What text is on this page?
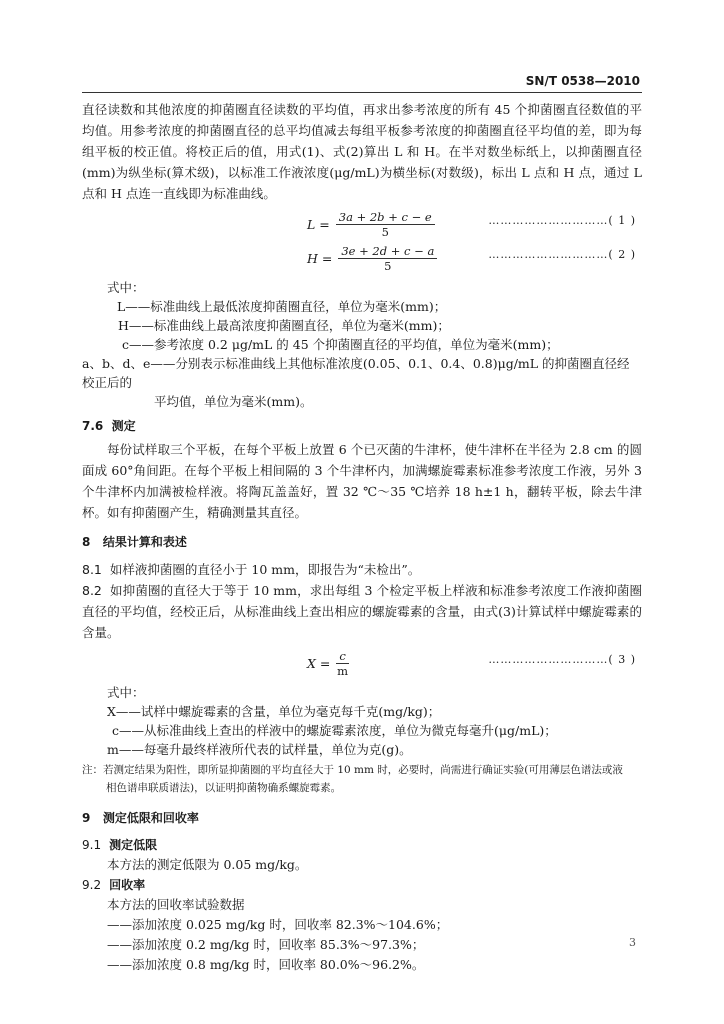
SN/T 0538—2010

直径读数和其他浓度的抑菌圈直径读数的平均值，再求出参考浓度的所有 45 个抑菌圈直径数值的平均值。用参考浓度的抑菌圈直径的总平均值减去每组平板参考浓度的抑菌圈直径平均值的差，即为每组平板的校正值。将校正后的值，用式(1)、式(2)算出 L 和 H。在半对数坐标纸上，以抑菌圈直径(mm)为纵坐标(算术级)，以标准工作液浓度(μg/mL)为横坐标(对数级)，标出 L 点和 H 点，通过 L 点和 H 点连一直线即为标准曲线。

$L = \frac{3a + 2b + c - e}{5}$	…………………………( 1 )
$H = \frac{3e + 2d + c - a}{5}$	…………………………( 2 )
式中：
L——标准曲线上最低浓度抑菌圈直径，单位为毫米(mm)；
H——标准曲线上最高浓度抑菌圈直径，单位为毫米(mm)；
c——参考浓度 0.2 μg/mL 的 45 个抑菌圈直径的平均值，单位为毫米(mm)；
a、b、d、e——分别表示标准曲线上其他标准浓度(0.05、0.1、0.4、0.8)μg/mL 的抑菌圈直径经校正后的
平均值，单位为毫米(mm)。
7.6 测定

每份试样取三个平板，在每个平板上放置 6 个已灭菌的牛津杯，使牛津杯在半径为 2.8 cm 的圆面成 60°角间距。在每个平板上相间隔的 3 个牛津杯内，加满螺旋霉素标准参考浓度工作液，另外 3 个牛津杯内加满被检样液。将陶瓦盖盖好，置 32 ℃～35 ℃培养 18 h±1 h，翻转平板，除去牛津杯。如有抑菌圈产生，精确测量其直径。

8 结果计算和表述
8.1 如样液抑菌圈的直径小于 10 mm，即报告为“未检出”。

8.2 如抑菌圈的直径大于等于 10 mm，求出每组 3 个检定平板上样液和标准参考浓度工作液抑菌圈直径的平均值，经校正后，从标准曲线上查出相应的螺旋霉素的含量，由式(3)计算试样中螺旋霉素的含量。

$X = \frac{c}{m}$	…………………………( 3 )
式中：
X——试样中螺旋霉素的含量，单位为毫克每千克(mg/kg)；
c——从标准曲线上查出的样液中的螺旋霉素浓度，单位为微克每毫升(μg/mL)；
m——每毫升最终样液所代表的试样量，单位为克(g)。
注：若测定结果为阳性，即所显抑菌圈的平均直径大于 10 mm 时，必要时，尚需进行确证实验(可用薄层色谱法或液
相色谱串联质谱法)，以证明抑菌物确系螺旋霉素。
9 测定低限和回收率
9.1 测定低限
本方法的测定低限为 0.05 mg/kg。
9.2 回收率
本方法的回收率试验数据
——添加浓度 0.025 mg/kg 时，回收率 82.3%～104.6%；
——添加浓度 0.2 mg/kg 时，回收率 85.3%～97.3%；
——添加浓度 0.8 mg/kg 时，回收率 80.0%～96.2%。
3
